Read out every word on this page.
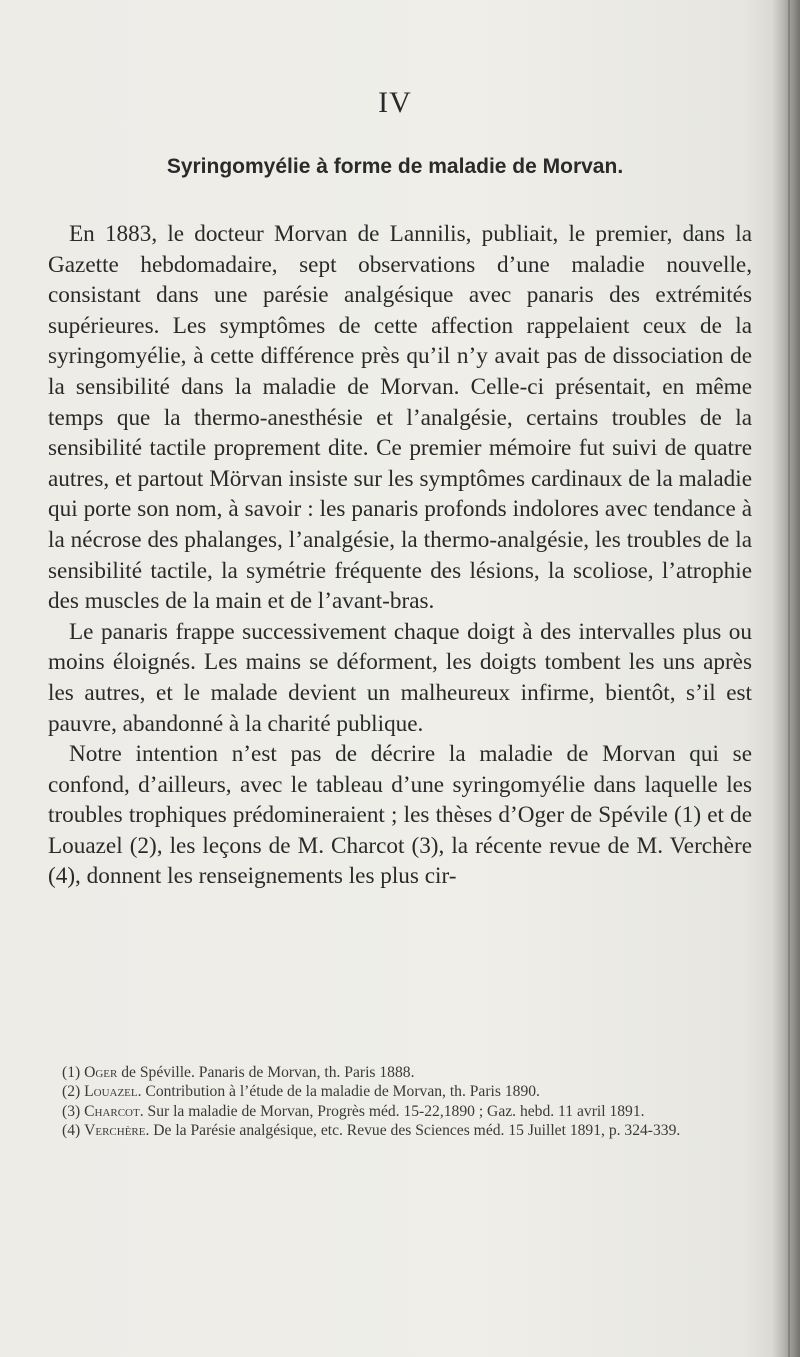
IV
Syringomyélie à forme de maladie de Morvan.

En 1883, le docteur Morvan de Lannilis, publiait, le premier, dans la Gazette hebdomadaire, sept observations d’une maladie nouvelle, consistant dans une parésie analgésique avec panaris des extrémités supérieures. Les symptômes de cette affection rappelaient ceux de la syringomyélie, à cette différence près qu’il n’y avait pas de dissociation de la sensibilité dans la maladie de Morvan. Celle-ci présentait, en même temps que la thermo-anesthésie et l’analgésie, certains troubles de la sensibilité tactile proprement dite. Ce premier mémoire fut suivi de quatre autres, et partout Mörvan insiste sur les symptômes cardinaux de la maladie qui porte son nom, à savoir : les panaris profonds indolores avec tendance à la nécrose des phalanges, l’analgésie, la thermo-analgésie, les troubles de la sensibilité tactile, la symétrie fréquente des lésions, la scoliose, l’atrophie des muscles de la main et de l’avant-bras.

Le panaris frappe successivement chaque doigt à des intervalles plus ou moins éloignés. Les mains se déforment, les doigts tombent les uns après les autres, et le malade devient un malheureux infirme, bientôt, s’il est pauvre, abandonné à la charité publique.

Notre intention n’est pas de décrire la maladie de Morvan qui se confond, d’ailleurs, avec le tableau d’une syringomyélie dans laquelle les troubles trophiques prédomineraient ; les thèses d’Oger de Spévile (1) et de Louazel (2), les leçons de M. Charcot (3), la récente revue de M. Verchère (4), donnent les renseignements les plus cir-

(1) Oger de Spéville. Panaris de Morvan, th. Paris 1888.

(2) Louazel. Contribution à l’étude de la maladie de Morvan, th. Paris 1890.

(3) Charcot. Sur la maladie de Morvan, Progrès méd. 15-22,1890 ; Gaz. hebd. 11 avril 1891.

(4) Verchère. De la Parésie analgésique, etc. Revue des Sciences méd. 15 Juillet 1891, p. 324-339.
